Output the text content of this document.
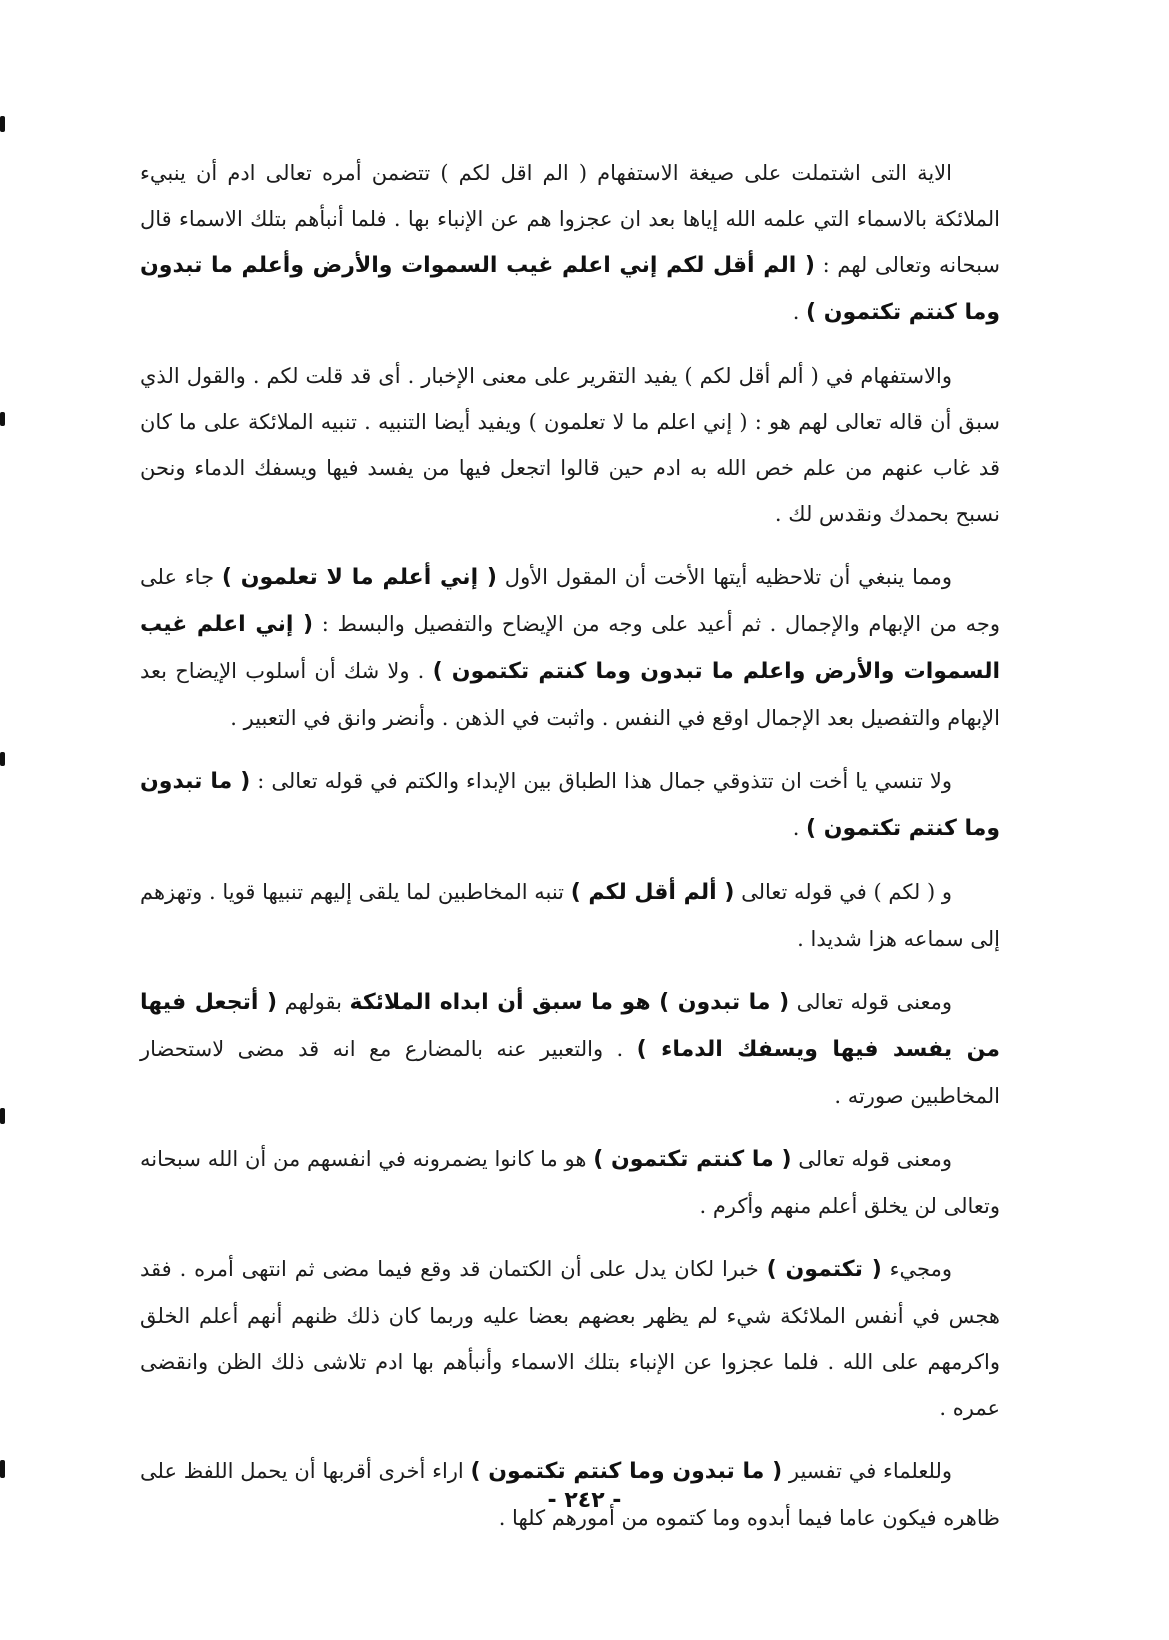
الاية التى اشتملت على صيغة الاستفهام ( الم اقل لكم ) تتضمن أمره تعالى ادم أن ينبيء الملائكة بالاسماء التي علمه الله إياها بعد ان عجزوا هم عن الإنباء بها . فلما أنبأهم بتلك الاسماء قال سبحانه وتعالى لهم : ( الم أقل لكم إني اعلم غيب السموات والأرض وأعلم ما تبدون وما كنتم تكتمون ) .

والاستفهام في ( ألم أقل لكم ) يفيد التقرير على معنى الإخبار . أى قد قلت لكم . والقول الذي سبق أن قاله تعالى لهم هو : ( إني اعلم ما لا تعلمون ) ويفيد أيضا التنبيه . تنبيه الملائكة على ما كان قد غاب عنهم من علم خص الله به ادم حين قالوا اتجعل فيها من يفسد فيها ويسفك الدماء ونحن نسبح بحمدك ونقدس لك .

ومما ينبغي أن تلاحظيه أيتها الأخت أن المقول الأول ( إني أعلم ما لا تعلمون ) جاء على وجه من الإبهام والإجمال . ثم أعيد على وجه من الإيضاح والتفصيل والبسط : ( إني اعلم غيب السموات والأرض واعلم ما تبدون وما كنتم تكتمون ) . ولا شك أن أسلوب الإيضاح بعد الإبهام والتفصيل بعد الإجمال اوقع في النفس . واثبت في الذهن . وأنضر وانق في التعبير .

ولا تنسي يا أخت ان تتذوقي جمال هذا الطباق بين الإبداء والكتم في قوله تعالى : ( ما تبدون وما كنتم تكتمون ) .

و ( لكم ) في قوله تعالى ( ألم أقل لكم ) تنبه المخاطبين لما يلقى إليهم تنبيها قويا . وتهزهم إلى سماعه هزا شديدا .

ومعنى قوله تعالى ( ما تبدون ) هو ما سبق أن ابداه الملائكة بقولهم ( أتجعل فيها من يفسد فيها ويسفك الدماء ) . والتعبير عنه بالمضارع مع انه قد مضى لاستحضار المخاطبين صورته .

ومعنى قوله تعالى ( ما كنتم تكتمون ) هو ما كانوا يضمرونه في انفسهم من أن الله سبحانه وتعالى لن يخلق أعلم منهم وأكرم .

ومجيء ( تكتمون ) خبرا لكان يدل على أن الكتمان قد وقع فيما مضى ثم انتهى أمره . فقد هجس في أنفس الملائكة شيء لم يظهر بعضهم بعضا عليه وربما كان ذلك ظنهم أنهم أعلم الخلق واكرمهم على الله . فلما عجزوا عن الإنباء بتلك الاسماء وأنبأهم بها ادم تلاشى ذلك الظن وانقضى عمره .

وللعلماء في تفسير ( ما تبدون وما كنتم تكتمون ) اراء أخرى أقربها أن يحمل اللفظ على ظاهره فيكون عاما فيما أبدوه وما كتموه من أمورهم كلها .

- ٢٤٢ -
